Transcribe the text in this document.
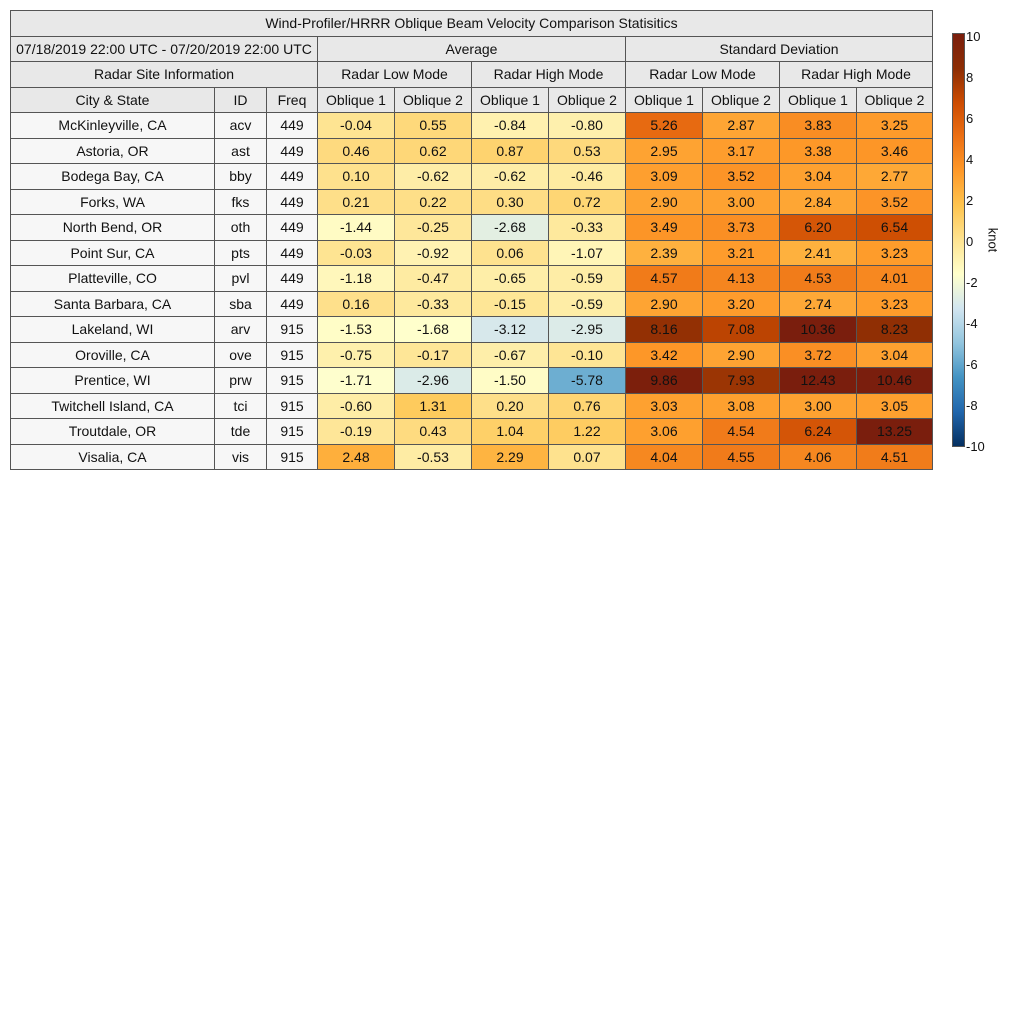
Wind-Profiler/HRRR Oblique Beam Velocity Comparison Statisitics										
07/18/2019 22:00 UTC - 07/20/2019 22:00 UTC			Average				Standard Deviation			
Radar Site Information			Radar Low Mode		Radar High Mode		Radar Low Mode		Radar High Mode	
City & State	ID	Freq	Oblique 1	Oblique 2	Oblique 1	Oblique 2	Oblique 1	Oblique 2	Oblique 1	Oblique 2
McKinleyville, CA	acv	449	-0.04	0.55	-0.84	-0.80	5.26	2.87	3.83	3.25
Astoria, OR	ast	449	0.46	0.62	0.87	0.53	2.95	3.17	3.38	3.46
Bodega Bay, CA	bby	449	0.10	-0.62	-0.62	-0.46	3.09	3.52	3.04	2.77
Forks, WA	fks	449	0.21	0.22	0.30	0.72	2.90	3.00	2.84	3.52
North Bend, OR	oth	449	-1.44	-0.25	-2.68	-0.33	3.49	3.73	6.20	6.54
Point Sur, CA	pts	449	-0.03	-0.92	0.06	-1.07	2.39	3.21	2.41	3.23
Platteville, CO	pvl	449	-1.18	-0.47	-0.65	-0.59	4.57	4.13	4.53	4.01
Santa Barbara, CA	sba	449	0.16	-0.33	-0.15	-0.59	2.90	3.20	2.74	3.23
Lakeland, WI	arv	915	-1.53	-1.68	-3.12	-2.95	8.16	7.08	10.36	8.23
Oroville, CA	ove	915	-0.75	-0.17	-0.67	-0.10	3.42	2.90	3.72	3.04
Prentice, WI	prw	915	-1.71	-2.96	-1.50	-5.78	9.86	7.93	12.43	10.46
Twitchell Island, CA	tci	915	-0.60	1.31	0.20	0.76	3.03	3.08	3.00	3.05
Troutdale, OR	tde	915	-0.19	0.43	1.04	1.22	3.06	4.54	6.24	13.25
Visalia, CA	vis	915	2.48	-0.53	2.29	0.07	4.04	4.55	4.06	4.51
10
8
6
4
2
0
-2
-4
-6
-8
-10
knot
